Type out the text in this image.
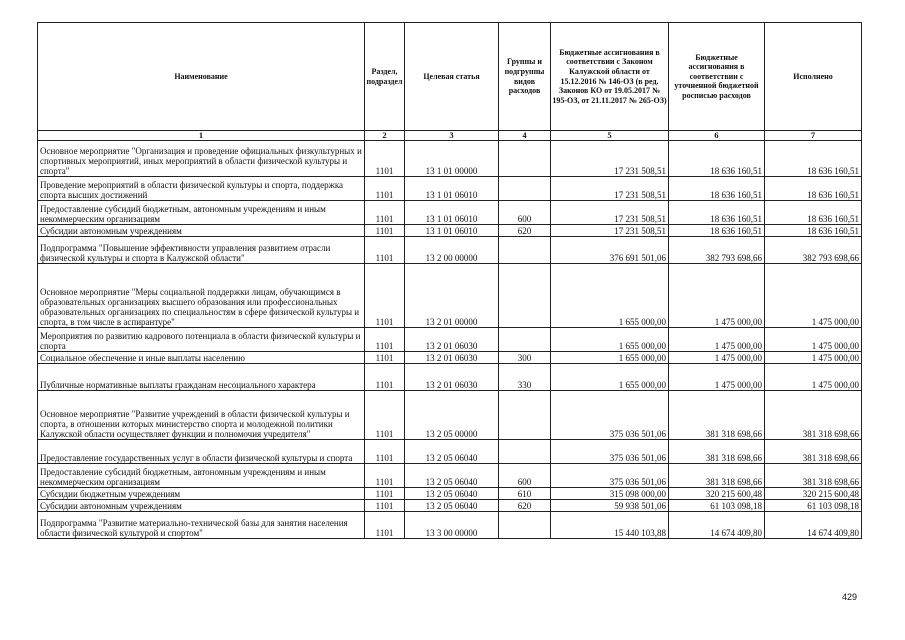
Наименование	Раздел, подраздел	Целевая статья	Группы и подгруппы видов расходов	Бюджетные ассигнования в соответствии с Законом Калужской области от 15.12.2016 № 146-ОЗ (в ред. Законов КО от 19.05.2017 № 195-ОЗ, от 21.11.2017 № 265-ОЗ)	Бюджетные ассигнования в соответствии с уточненной бюджетной росписью расходов	Исполнено
1	2	3	4	5	6	7
Основное мероприятие "Организация и проведение официальных физкультурных и спортивных мероприятий, иных мероприятий в области физической культуры и спорта"	1101	13 1 01 00000		17 231 508,51	18 636 160,51	18 636 160,51
Проведение мероприятий в области физической культуры и спорта, поддержка спорта высших достижений	1101	13 1 01 06010		17 231 508,51	18 636 160,51	18 636 160,51
Предоставление субсидий бюджетным, автономным учреждениям и иным некоммерческим организациям	1101	13 1 01 06010	600	17 231 508,51	18 636 160,51	18 636 160,51
Субсидии автономным учреждениям	1101	13 1 01 06010	620	17 231 508,51	18 636 160,51	18 636 160,51
Подпрограмма "Повышение эффективности управления развитием отрасли физической культуры и спорта в Калужской области"	1101	13 2 00 00000		376 691 501,06	382 793 698,66	382 793 698,66
Основное мероприятие "Меры социальной поддержки лицам, обучающимся в образовательных организациях высшего образования или профессиональных образовательных организациях по специальностям в сфере физической культуры и спорта, в том числе в аспирантуре"	1101	13 2 01 00000		1 655 000,00	1 475 000,00	1 475 000,00
Мероприятия по развитию кадрового потенциала в области физической культуры и спорта	1101	13 2 01 06030		1 655 000,00	1 475 000,00	1 475 000,00
Социальное обеспечение и иные выплаты населению	1101	13 2 01 06030	300	1 655 000,00	1 475 000,00	1 475 000,00
Публичные нормативные выплаты гражданам несоциального характера	1101	13 2 01 06030	330	1 655 000,00	1 475 000,00	1 475 000,00
Основное мероприятие "Развитие учреждений в области физической культуры и спорта, в отношении которых министерство спорта и молодежной политики Калужской области осуществляет функции и полномочия учредителя"	1101	13 2 05 00000		375 036 501,06	381 318 698,66	381 318 698,66
Предоставление государственных услуг в области физической культуры и спорта	1101	13 2 05 06040		375 036 501,06	381 318 698,66	381 318 698,66
Предоставление субсидий бюджетным, автономным учреждениям и иным некоммерческим организациям	1101	13 2 05 06040	600	375 036 501,06	381 318 698,66	381 318 698,66
Субсидии бюджетным учреждениям	1101	13 2 05 06040	610	315 098 000,00	320 215 600,48	320 215 600,48
Субсидии автономным учреждениям	1101	13 2 05 06040	620	59 938 501,06	61 103 098,18	61 103 098,18
Подпрограмма "Развитие материально-технической базы для занятия населения области физической культурой и спортом"	1101	13 3 00 00000		15 440 103,88	14 674 409,80	14 674 409,80
429
